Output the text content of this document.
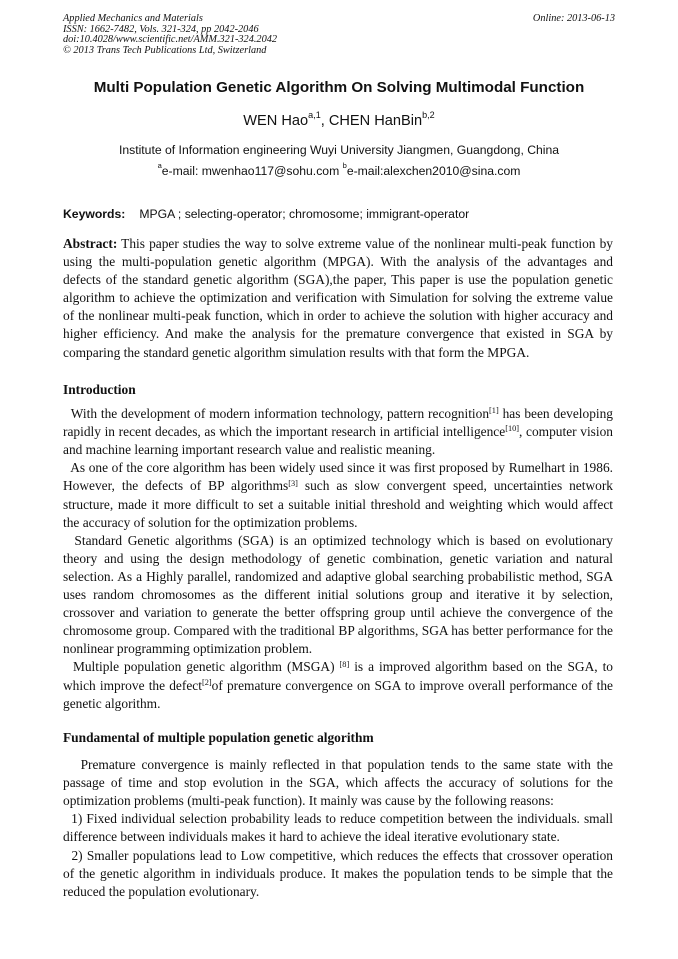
Applied Mechanics and Materials
ISSN: 1662-7482, Vols. 321-324, pp 2042-2046
doi:10.4028/www.scientific.net/AMM.321-324.2042
© 2013 Trans Tech Publications Ltd, Switzerland
Online: 2013-06-13
Multi Population Genetic Algorithm On Solving Multimodal Function
WEN Hao$^{a,1}$, CHEN HanBin$^{b,2}$
Institute of Information engineering Wuyi University Jiangmen, Guangdong, China
$^a$e-mail: mwenhao117@sohu.com $^b$e-mail:alexchen2010@sina.com
Keywords: MPGA ; selecting-operator; chromosome; immigrant-operator

Abstract: This paper studies the way to solve extreme value of the nonlinear multi-peak function by using the multi-population genetic algorithm (MPGA). With the analysis of the advantages and defects of the standard genetic algorithm (SGA),the paper, This paper is use the population genetic algorithm to achieve the optimization and verification with Simulation for solving the extreme value of the nonlinear multi-peak function, which in order to achieve the solution with higher accuracy and higher efficiency. And make the analysis for the premature convergence that existed in SGA by comparing the standard genetic algorithm simulation results with that form the MPGA.

Introduction

With the development of modern information technology, pattern recognition[1] has been developing rapidly in recent decades, as which the important research in artificial intelligence[10], computer vision and machine learning important research value and realistic meaning.

As one of the core algorithm has been widely used since it was first proposed by Rumelhart in 1986. However, the defects of BP algorithms[3] such as slow convergent speed, uncertainties network structure, made it more difficult to set a suitable initial threshold and weighting which would affect the accuracy of solution for the optimization problems.

Standard Genetic algorithms (SGA) is an optimized technology which is based on evolutionary theory and using the design methodology of genetic combination, genetic variation and natural selection. As a Highly parallel, randomized and adaptive global searching probabilistic method, SGA uses random chromosomes as the different initial solutions group and iterative it by selection, crossover and variation to generate the better offspring group until achieve the convergence of the chromosome group. Compared with the traditional BP algorithms, SGA has better performance for the nonlinear programming optimization problem.

Multiple population genetic algorithm (MSGA) [8] is a improved algorithm based on the SGA, to which improve the defect[2]of premature convergence on SGA to improve overall performance of the genetic algorithm.

Fundamental of multiple population genetic algorithm

Premature convergence is mainly reflected in that population tends to the same state with the passage of time and stop evolution in the SGA, which affects the accuracy of solutions for the optimization problems (multi-peak function). It mainly was cause by the following reasons:

1) Fixed individual selection probability leads to reduce competition between the individuals. small difference between individuals makes it hard to achieve the ideal iterative evolutionary state.

2) Smaller populations lead to Low competitive, which reduces the effects that crossover operation of the genetic algorithm in individuals produce. It makes the population tends to be simple that the reduced the population evolutionary.
